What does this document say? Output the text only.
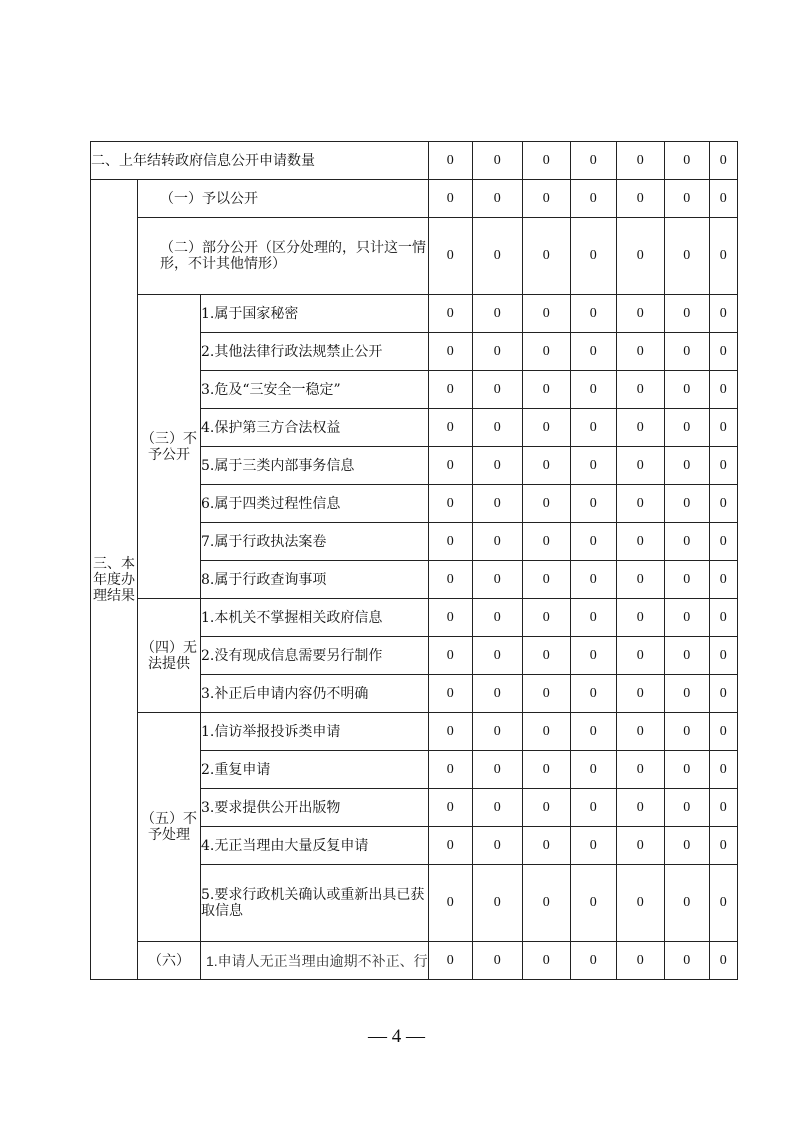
二、上年结转政府信息公开申请数量			0	0	0	0	0	0	0
三、本年度办理结果	（一）予以公开		0	0	0	0	0	0	0
	（二）部分公开（区分处理的，只计这一情形，不计其他情形）		0	0	0	0	0	0	0
	（三）不予公开	1.属于国家秘密	0	0	0	0	0	0	0
		2.其他法律行政法规禁止公开	0	0	0	0	0	0	0
		3.危及“三安全一稳定”	0	0	0	0	0	0	0
		4.保护第三方合法权益	0	0	0	0	0	0	0
		5.属于三类内部事务信息	0	0	0	0	0	0	0
		6.属于四类过程性信息	0	0	0	0	0	0	0
		7.属于行政执法案卷	0	0	0	0	0	0	0
		8.属于行政查询事项	0	0	0	0	0	0	0
	（四）无法提供	1.本机关不掌握相关政府信息	0	0	0	0	0	0	0
		2.没有现成信息需要另行制作	0	0	0	0	0	0	0
		3.补正后申请内容仍不明确	0	0	0	0	0	0	0
	（五）不予处理	1.信访举报投诉类申请	0	0	0	0	0	0	0
		2.重复申请	0	0	0	0	0	0	0
		3.要求提供公开出版物	0	0	0	0	0	0	0
		4.无正当理由大量反复申请	0	0	0	0	0	0	0
		5.要求行政机关确认或重新出具已获取信息	0	0	0	0	0	0	0
	（六）	1.申请人无正当理由逾期不补正、行	0	0	0	0	0	0	0
— 4 —
